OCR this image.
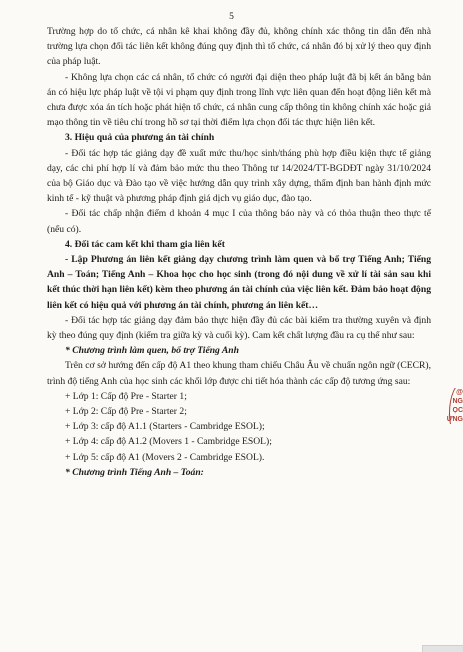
5

Trường hợp do tổ chức, cá nhân kê khai không đầy đủ, không chính xác thông tin dẫn đến nhà trường lựa chọn đối tác liên kết không đúng quy định thì tổ chức, cá nhân đó bị xử lý theo quy định của pháp luật.

- Không lựa chọn các cá nhân, tổ chức có người đại diện theo pháp luật đã bị kết án bằng bản án có hiệu lực pháp luật về tội vi phạm quy định trong lĩnh vực liên quan đến hoạt động liên kết mà chưa được xóa án tích hoặc phát hiện tổ chức, cá nhân cung cấp thông tin không chính xác hoặc giả mạo thông tin về tiêu chí trong hồ sơ tại thời điểm lựa chọn đối tác thực hiện liên kết.

3. Hiệu quả của phương án tài chính

- Đối tác hợp tác giảng dạy đề xuất mức thu/học sinh/tháng phù hợp điều kiện thực tế giảng dạy, các chi phí hợp lí và đảm bảo mức thu theo Thông tư 14/2024/TT-BGDĐT ngày 31/10/2024 của bộ Giáo dục và Đào tạo về việc hướng dẫn quy trình xây dựng, thẩm định ban hành định mức kinh tế - kỹ thuật và phương pháp định giá dịch vụ giáo dục, đào tạo.

- Đối tác chấp nhận điểm d khoản 4 mục I của thông báo này và có thỏa thuận theo thực tế (nếu có).

4. Đối tác cam kết khi tham gia liên kết

- Lập Phương án liên kết giảng dạy chương trình làm quen và bổ trợ Tiếng Anh; Tiếng Anh – Toán; Tiếng Anh – Khoa học cho học sinh (trong đó nội dung về xử lí tài sản sau khi kết thúc thời hạn liên kết) kèm theo phương án tài chính của việc liên kết. Đảm bảo hoạt động liên kết có hiệu quả với phương án tài chính, phương án liên kết…

- Đối tác hợp tác giảng dạy đảm bảo thực hiện đầy đủ các bài kiểm tra thường xuyên và định kỳ theo đúng quy định (kiểm tra giữa kỳ và cuối kỳ). Cam kết chất lượng đầu ra cụ thể như sau:

* Chương trình làm quen, bổ trợ Tiếng Anh

Trên cơ sở hướng đến cấp độ A1 theo khung tham chiếu Châu Âu về chuẩn ngôn ngữ (CECR), trình độ tiếng Anh của học sinh các khối lớp được chi tiết hóa thành các cấp độ tương ứng sau:

+ Lớp 1: Cấp độ Pre - Starter 1;

+ Lớp 2: Cấp độ Pre - Starter 2;

+ Lớp 3: cấp độ A1.1 (Starters - Cambridge ESOL);

+ Lớp 4: cấp độ A1.2 (Movers 1 - Cambridge ESOL);

+ Lớp 5: cấp độ A1 (Movers 2 - Cambridge ESOL).

* Chương trình Tiếng Anh – Toán:

@
NG
ỌC
ỨNG
